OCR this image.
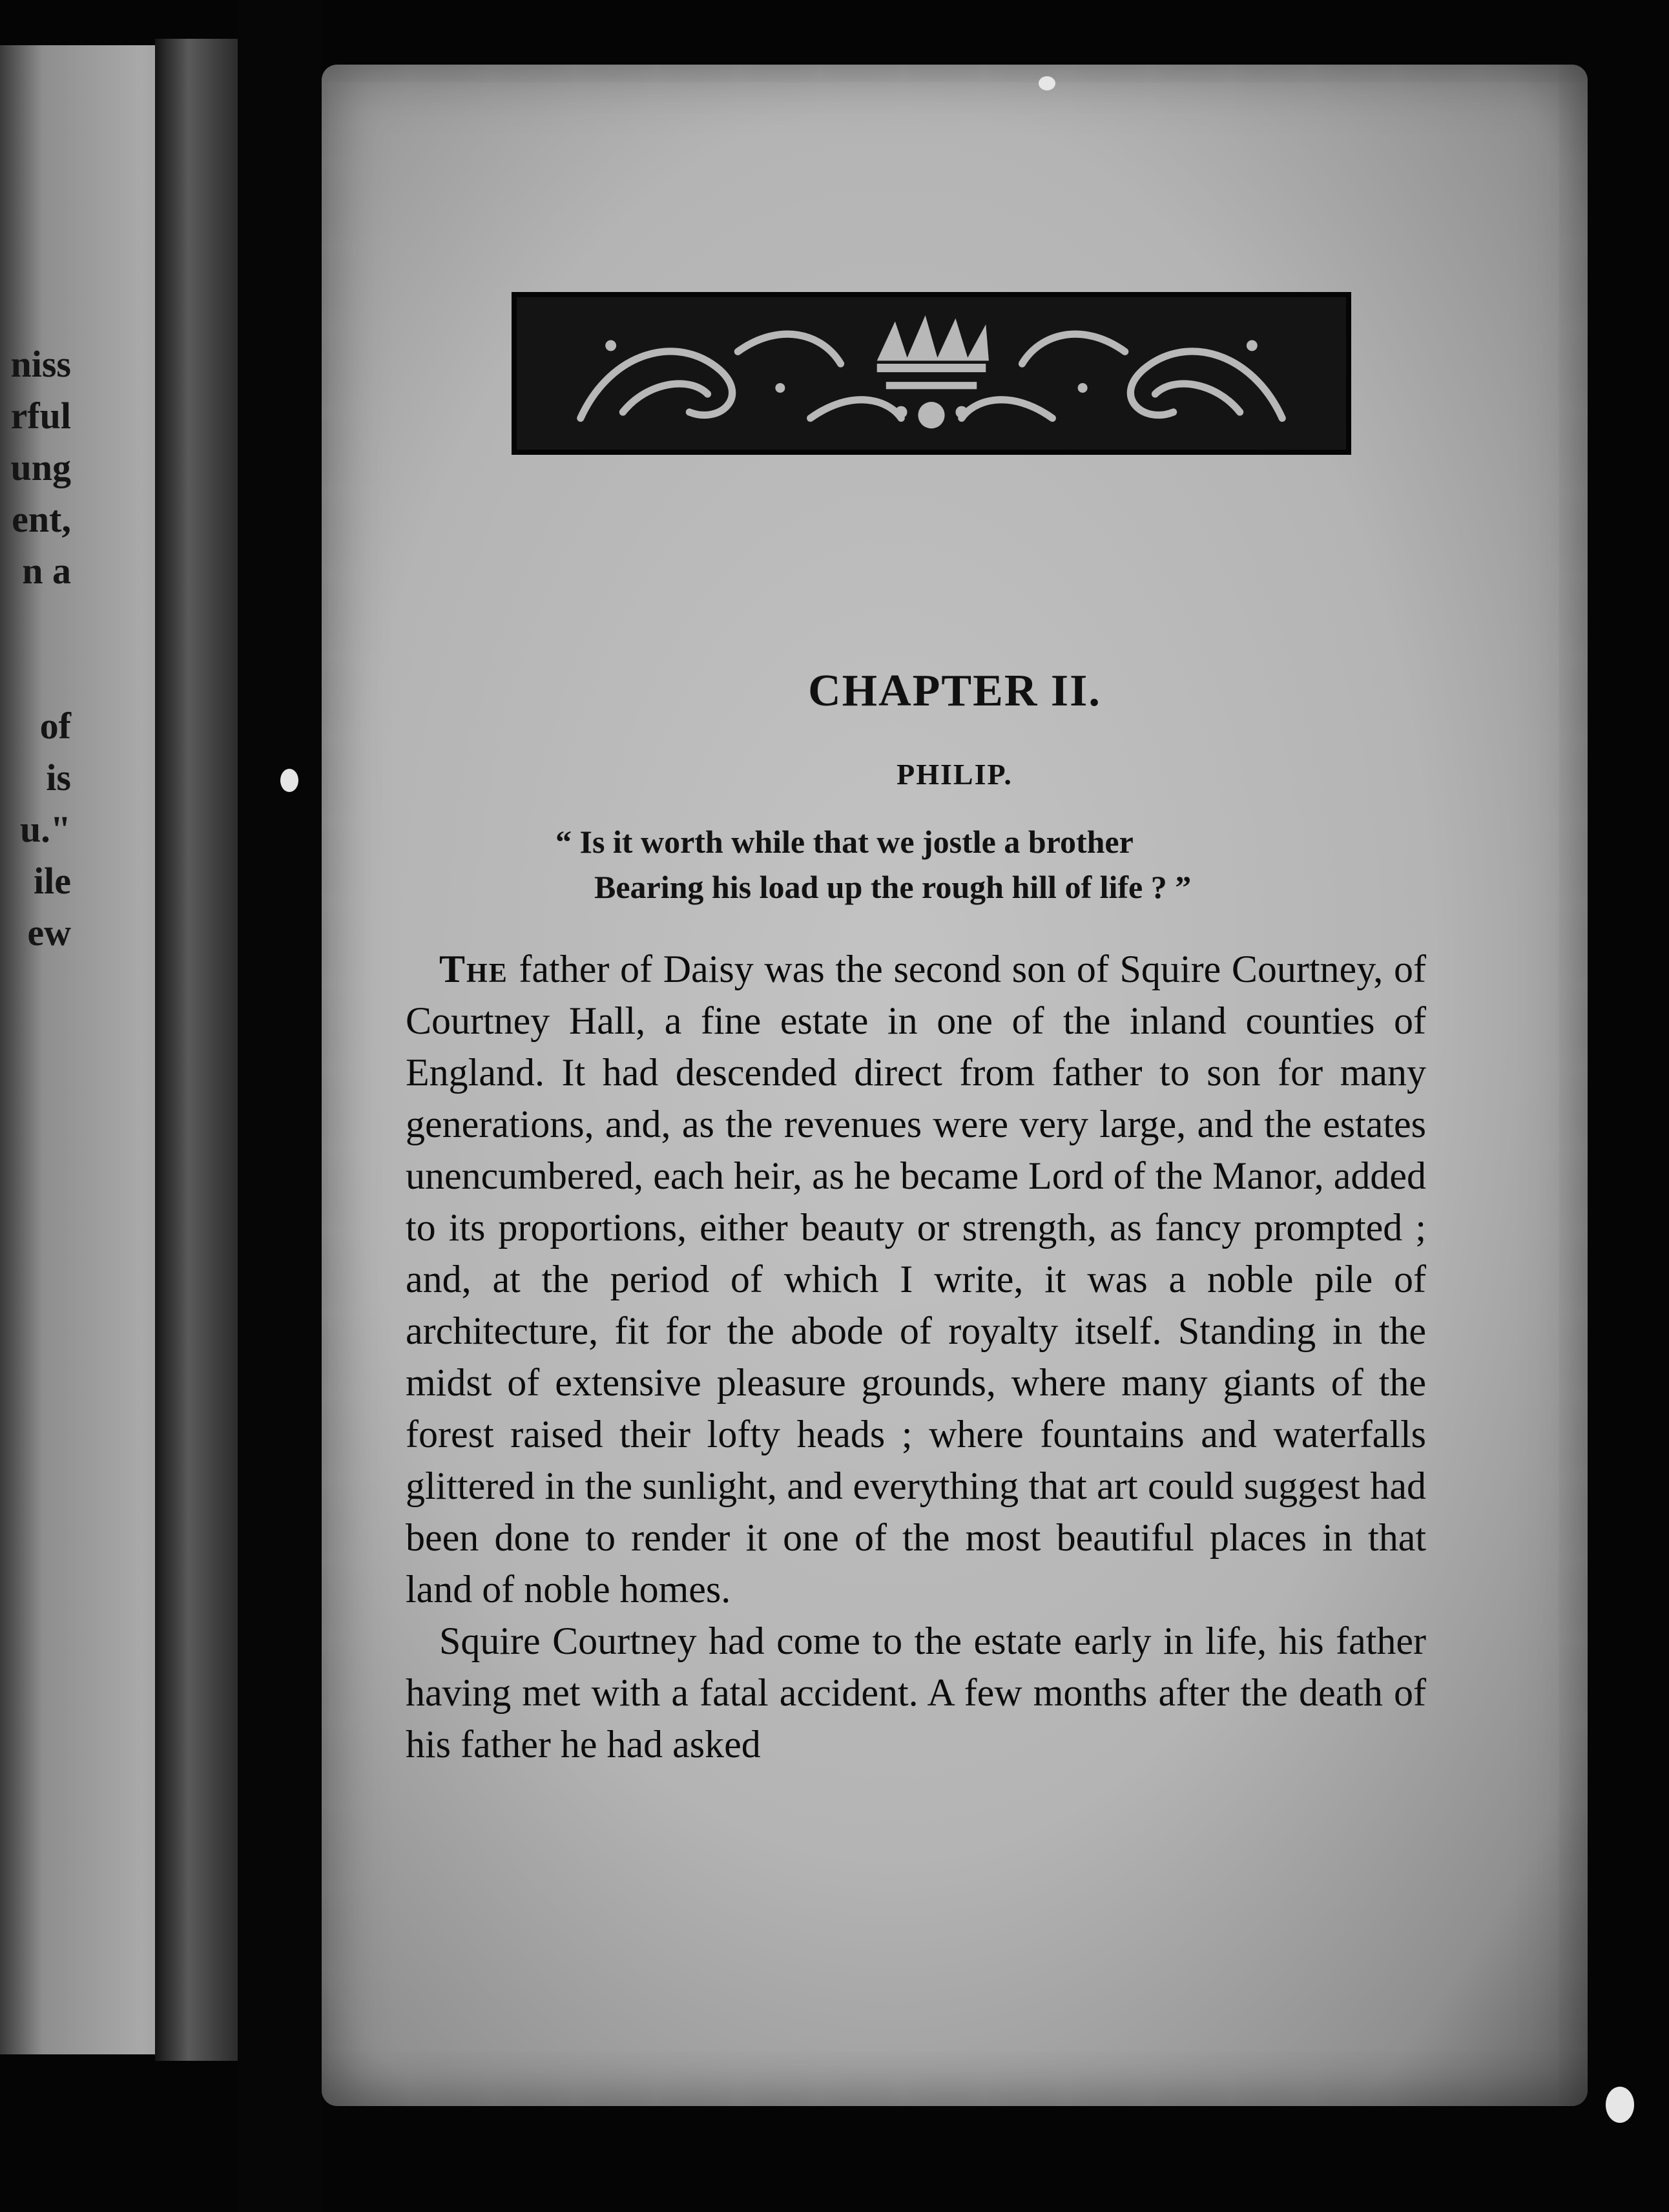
niss
rful
ung
ent,
n a
of
is
u."
ile
ew
CHAPTER II.
PHILIP.
“ Is it worth while that we jostle a brother
Bearing his load up the rough hill of life ? ”

The father of Daisy was the second son of Squire Courtney, of Courtney Hall, a fine estate in one of the inland counties of England. It had descended direct from father to son for many generations, and, as the revenues were very large, and the estates unencumbered, each heir, as he became Lord of the Manor, added to its proportions, either beauty or strength, as fancy prompted ; and, at the period of which I write, it was a noble pile of architecture, fit for the abode of royalty itself. Standing in the midst of extensive pleasure grounds, where many giants of the forest raised their lofty heads ; where fountains and waterfalls glittered in the sunlight, and everything that art could suggest had been done to render it one of the most beautiful places in that land of noble homes.

Squire Courtney had come to the estate early in life, his father having met with a fatal accident. A few months after the death of his father he had asked
